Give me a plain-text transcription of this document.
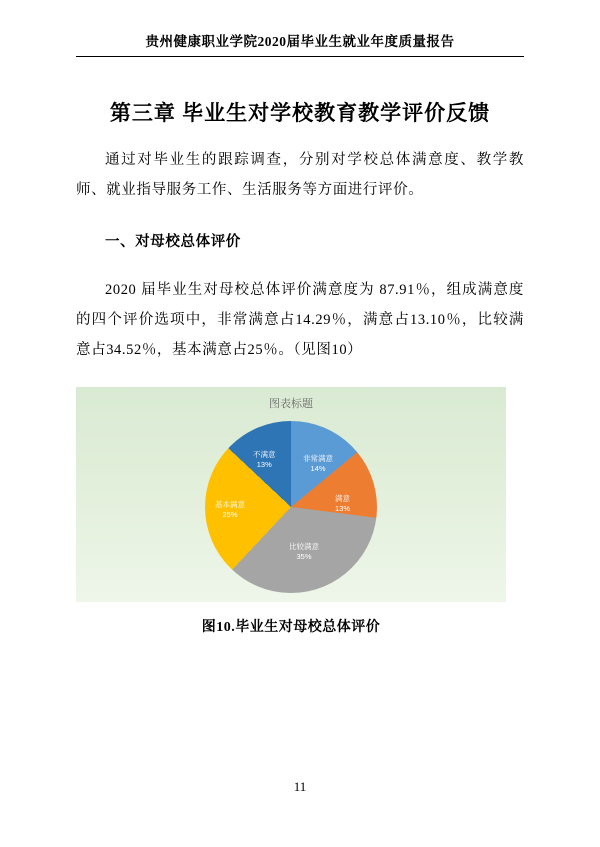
贵州健康职业学院2020届毕业生就业年度质量报告
第三章 毕业生对学校教育教学评价反馈

通过对毕业生的跟踪调查，分别对学校总体满意度、教学教师、就业指导服务工作、生活服务等方面进行评价。

一、对母校总体评价

2020 届毕业生对母校总体评价满意度为 87.91％，组成满意度的四个评价选项中，非常满意占14.29％，满意占13.10％，比较满意占34.52％，基本满意占25％。（见图10）

图表标题
非常满意
14%
满意
13%
比较满意
35%
基本满意
25%
不满意
13%
图10.毕业生对母校总体评价
11
